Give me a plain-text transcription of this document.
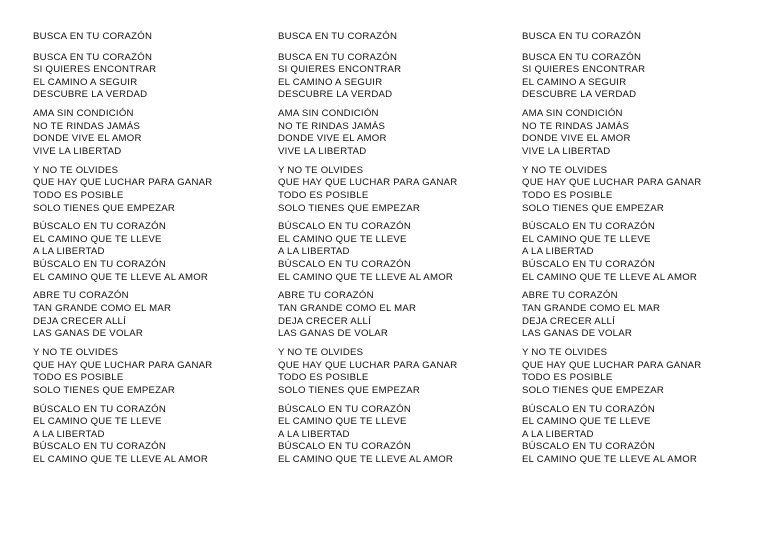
BUSCA EN TU CORAZÓN
BUSCA EN TU CORAZÓN
SI QUIERES ENCONTRAR
EL CAMINO A SEGUIR
DESCUBRE LA VERDAD
AMA SIN CONDICIÓN
NO TE RINDAS JAMÁS
DONDE VIVE EL AMOR
VIVE LA LIBERTAD
Y NO TE OLVIDES
QUE HAY QUE LUCHAR PARA GANAR
TODO ES POSIBLE
SOLO TIENES QUE EMPEZAR
BÚSCALO EN TU CORAZÓN
EL CAMINO QUE TE LLEVE
A LA LIBERTAD
BÚSCALO EN TU CORAZÓN
EL CAMINO QUE TE LLEVE AL AMOR
ABRE TU CORAZÓN
TAN GRANDE COMO EL MAR
DEJA CRECER ALLÍ
LAS GANAS DE VOLAR
Y NO TE OLVIDES
QUE HAY QUE LUCHAR PARA GANAR
TODO ES POSIBLE
SOLO TIENES QUE EMPEZAR
BÚSCALO EN TU CORAZÓN
EL CAMINO QUE TE LLEVE
A LA LIBERTAD
BÚSCALO EN TU CORAZÓN
EL CAMINO QUE TE LLEVE AL AMOR
BUSCA EN TU CORAZÓN
BUSCA EN TU CORAZÓN
SI QUIERES ENCONTRAR
EL CAMINO A SEGUIR
DESCUBRE LA VERDAD
AMA SIN CONDICIÓN
NO TE RINDAS JAMÁS
DONDE VIVE EL AMOR
VIVE LA LIBERTAD
Y NO TE OLVIDES
QUE HAY QUE LUCHAR PARA GANAR
TODO ES POSIBLE
SOLO TIENES QUE EMPEZAR
BÚSCALO EN TU CORAZÓN
EL CAMINO QUE TE LLEVE
A LA LIBERTAD
BÚSCALO EN TU CORAZÓN
EL CAMINO QUE TE LLEVE AL AMOR
ABRE TU CORAZÓN
TAN GRANDE COMO EL MAR
DEJA CRECER ALLÍ
LAS GANAS DE VOLAR
Y NO TE OLVIDES
QUE HAY QUE LUCHAR PARA GANAR
TODO ES POSIBLE
SOLO TIENES QUE EMPEZAR
BÚSCALO EN TU CORAZÓN
EL CAMINO QUE TE LLEVE
A LA LIBERTAD
BÚSCALO EN TU CORAZÓN
EL CAMINO QUE TE LLEVE AL AMOR
BUSCA EN TU CORAZÓN
BUSCA EN TU CORAZÓN
SI QUIERES ENCONTRAR
EL CAMINO A SEGUIR
DESCUBRE LA VERDAD
AMA SIN CONDICIÓN
NO TE RINDAS JAMÁS
DONDE VIVE EL AMOR
VIVE LA LIBERTAD
Y NO TE OLVIDES
QUE HAY QUE LUCHAR PARA GANAR
TODO ES POSIBLE
SOLO TIENES QUE EMPEZAR
BÚSCALO EN TU CORAZÓN
EL CAMINO QUE TE LLEVE
A LA LIBERTAD
BÚSCALO EN TU CORAZÓN
EL CAMINO QUE TE LLEVE AL AMOR
ABRE TU CORAZÓN
TAN GRANDE COMO EL MAR
DEJA CRECER ALLÍ
LAS GANAS DE VOLAR
Y NO TE OLVIDES
QUE HAY QUE LUCHAR PARA GANAR
TODO ES POSIBLE
SOLO TIENES QUE EMPEZAR
BÚSCALO EN TU CORAZÓN
EL CAMINO QUE TE LLEVE
A LA LIBERTAD
BÚSCALO EN TU CORAZÓN
EL CAMINO QUE TE LLEVE AL AMOR
